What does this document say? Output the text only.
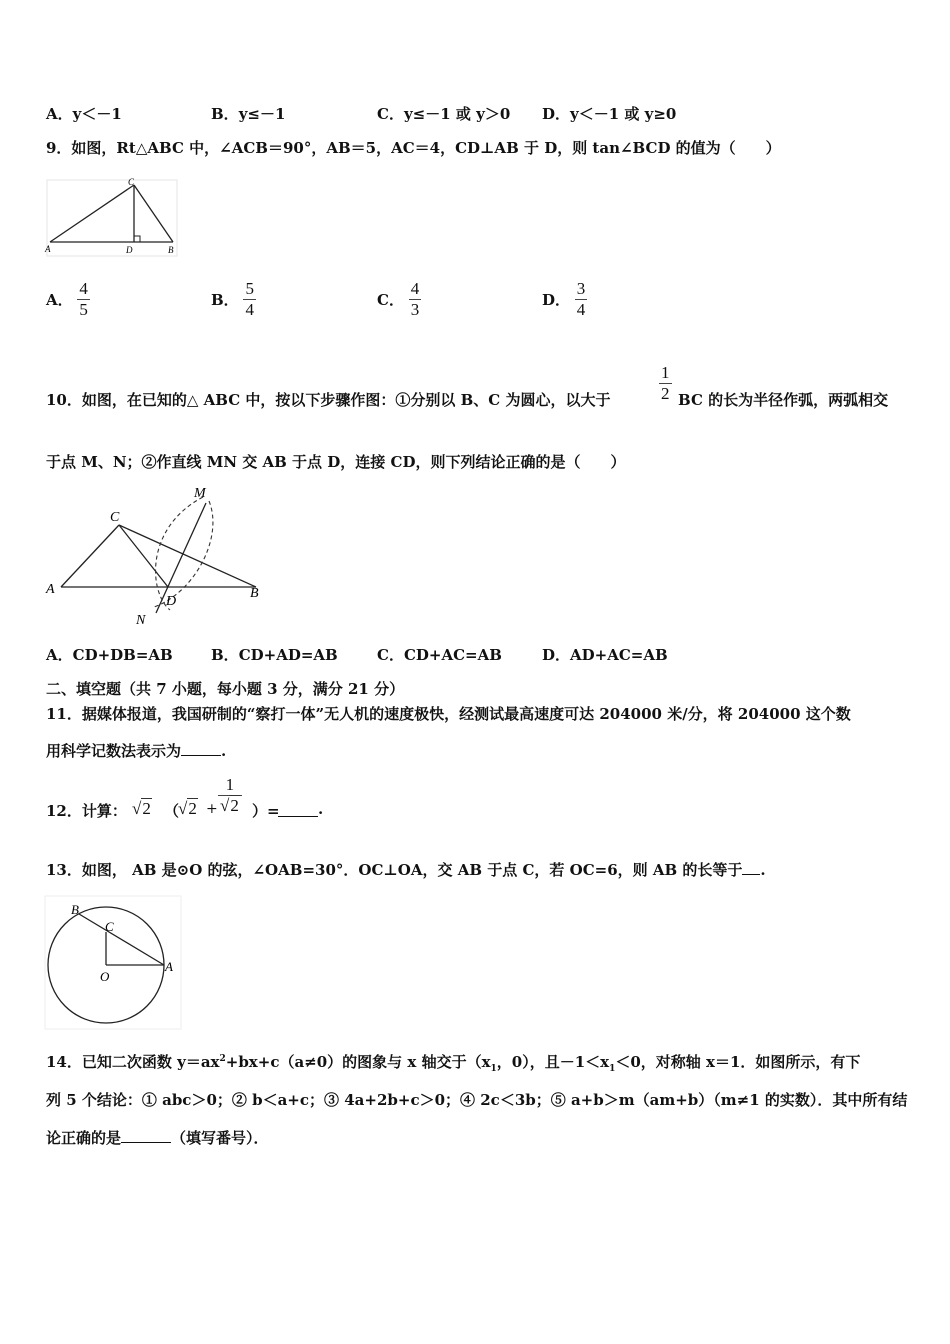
A．y＜－1	B．y≤－1	C．y≤－1 或 y＞0 D．y＜－1 或 y≥0
9．如图，Rt△ABC 中，∠ACB＝90°，AB＝5，AC＝4，CD⊥AB 于 D，则 tan∠BCD 的值为（　　）
A
C
D	B
A． $\frac{4}{5}$	B． $\frac{5}{4}$	C． $\frac{4}{3}$	D． $\frac{3}{4}$
10．如图，在已知的△ ABC 中，按以下步骤作图：①分别以 B、C 为圆心，以大于	$\frac{1}{2}$ BC 的长为半径作弧，两弧相交
于点 M、N；②作直线 MN 交 AB 于点 D，连接 CD，则下列结论正确的是（　　）
A
C
D
B
M
N
A．CD+DB=AB	B．CD+AD=AB	C．CD+AC=AB	D．AD+AC=AB
二、填空题（共 7 小题，每小题 3 分，满分 21 分）
11．据媒体报道，我国研制的“察打一体”无人机的速度极快，经测试最高速度可达 204000 米/分，将 204000 这个数
用科学记数法表示为	.
12．计算： √2 （
$√2 + \frac{1}{√2}$ ）=	.
13．如图， AB 是⊙O 的弦，∠OAB=30°．OC⊥OA，交 AB 于点 C，若 OC=6，则 AB 的长等于 .
B
C
O
A
14．已知二次函数 $y=ax^2+bx+c(a\ne 0)$的图象与 x 轴交于（$x_1$，0），且$-1<x_1<0$，对称轴 x＝1．如图所示，有下
列 5 个结论：① abc＞0；② b＜a+c；③ 4a+2b+c＞0；④ 2c＜3b；⑤ a+b＞m（am+b）（m≠1 的实数）．其中所有结
论正确的是	（填写番号）．
